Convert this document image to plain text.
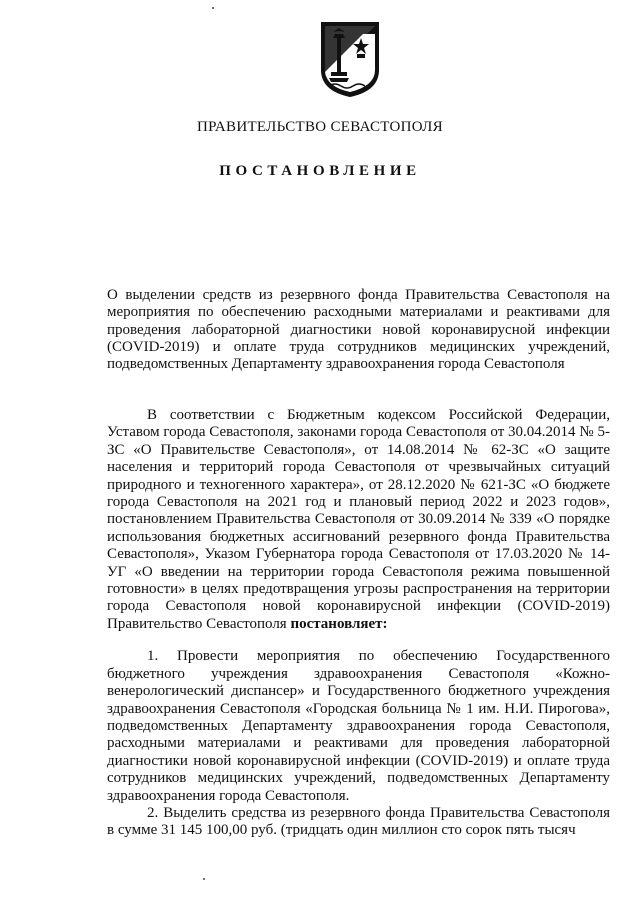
ПРАВИТЕЛЬСТВО СЕВАСТОПОЛЯ
ПОСТАНОВЛЕНИЕ
О выделении средств из резервного фонда Правительства Севастополя на мероприятия по обеспечению расходными материалами и реактивами для проведения лабораторной диагностики новой коронавирусной инфекции (COVID-2019) и оплате труда сотрудников медицинских учреждений, подведомственных Департаменту здравоохранения города Севастополя

В соответствии с Бюджетным кодексом Российской Федерации, Уставом города Севастополя, законами города Севастополя от 30.04.2014 № 5-ЗС «О Правительстве Севастополя», от 14.08.2014 № 62-ЗС «О защите населения и территорий города Севастополя от чрезвычайных ситуаций природного и техногенного характера», от 28.12.2020 № 621-ЗС «О бюджете города Севастополя на 2021 год и плановый период 2022 и 2023 годов», постановлением Правительства Севастополя от 30.09.2014 № 339 «О порядке использования бюджетных ассигнований резервного фонда Правительства Севастополя», Указом Губернатора города Севастополя от 17.03.2020 № 14-УГ «О введении на территории города Севастополя режима повышенной готовности» в целях предотвращения угрозы распространения на территории города Севастополя новой коронавирусной инфекции (COVID-2019) Правительство Севастополя постановляет:

1. Провести мероприятия по обеспечению Государственного бюджетного учреждения здравоохранения Севастополя «Кожно-венерологический диспансер» и Государственного бюджетного учреждения здравоохранения Севастополя «Городская больница № 1 им. Н.И. Пирогова», подведомственных Департаменту здравоохранения города Севастополя, расходными материалами и реактивами для проведения лабораторной диагностики новой коронавирусной инфекции (COVID-2019) и оплате труда сотрудников медицинских учреждений, подведомственных Департаменту здравоохранения города Севастополя.

2. Выделить средства из резервного фонда Правительства Севастополя в сумме 31 145 100,00 руб. (тридцать один миллион сто сорок пять тысяч
